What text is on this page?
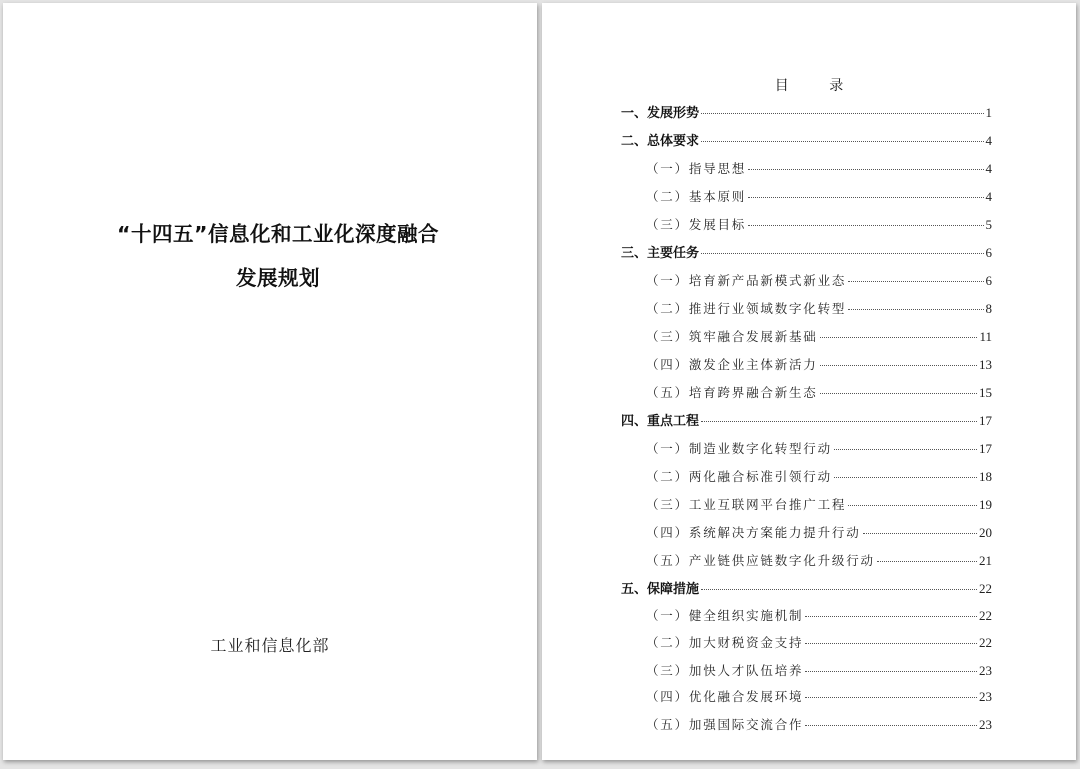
“十四五”信息化和工业化深度融合
发展规划
工业和信息化部
目 录
一、发展形势	1
二、总体要求	4
（一）指导思想	4
（二）基本原则	4
（三）发展目标	5
三、主要任务	6
（一）培育新产品新模式新业态	6
（二）推进行业领域数字化转型	8
（三）筑牢融合发展新基础	11
（四）激发企业主体新活力	13
（五）培育跨界融合新生态	15
四、重点工程	17
（一）制造业数字化转型行动	17
（二）两化融合标准引领行动	18
（三）工业互联网平台推广工程	19
（四）系统解决方案能力提升行动	20
（五）产业链供应链数字化升级行动	21
五、保障措施	22
（一）健全组织实施机制	22
（二）加大财税资金支持	22
（三）加快人才队伍培养	23
（四）优化融合发展环境	23
（五）加强国际交流合作	23
